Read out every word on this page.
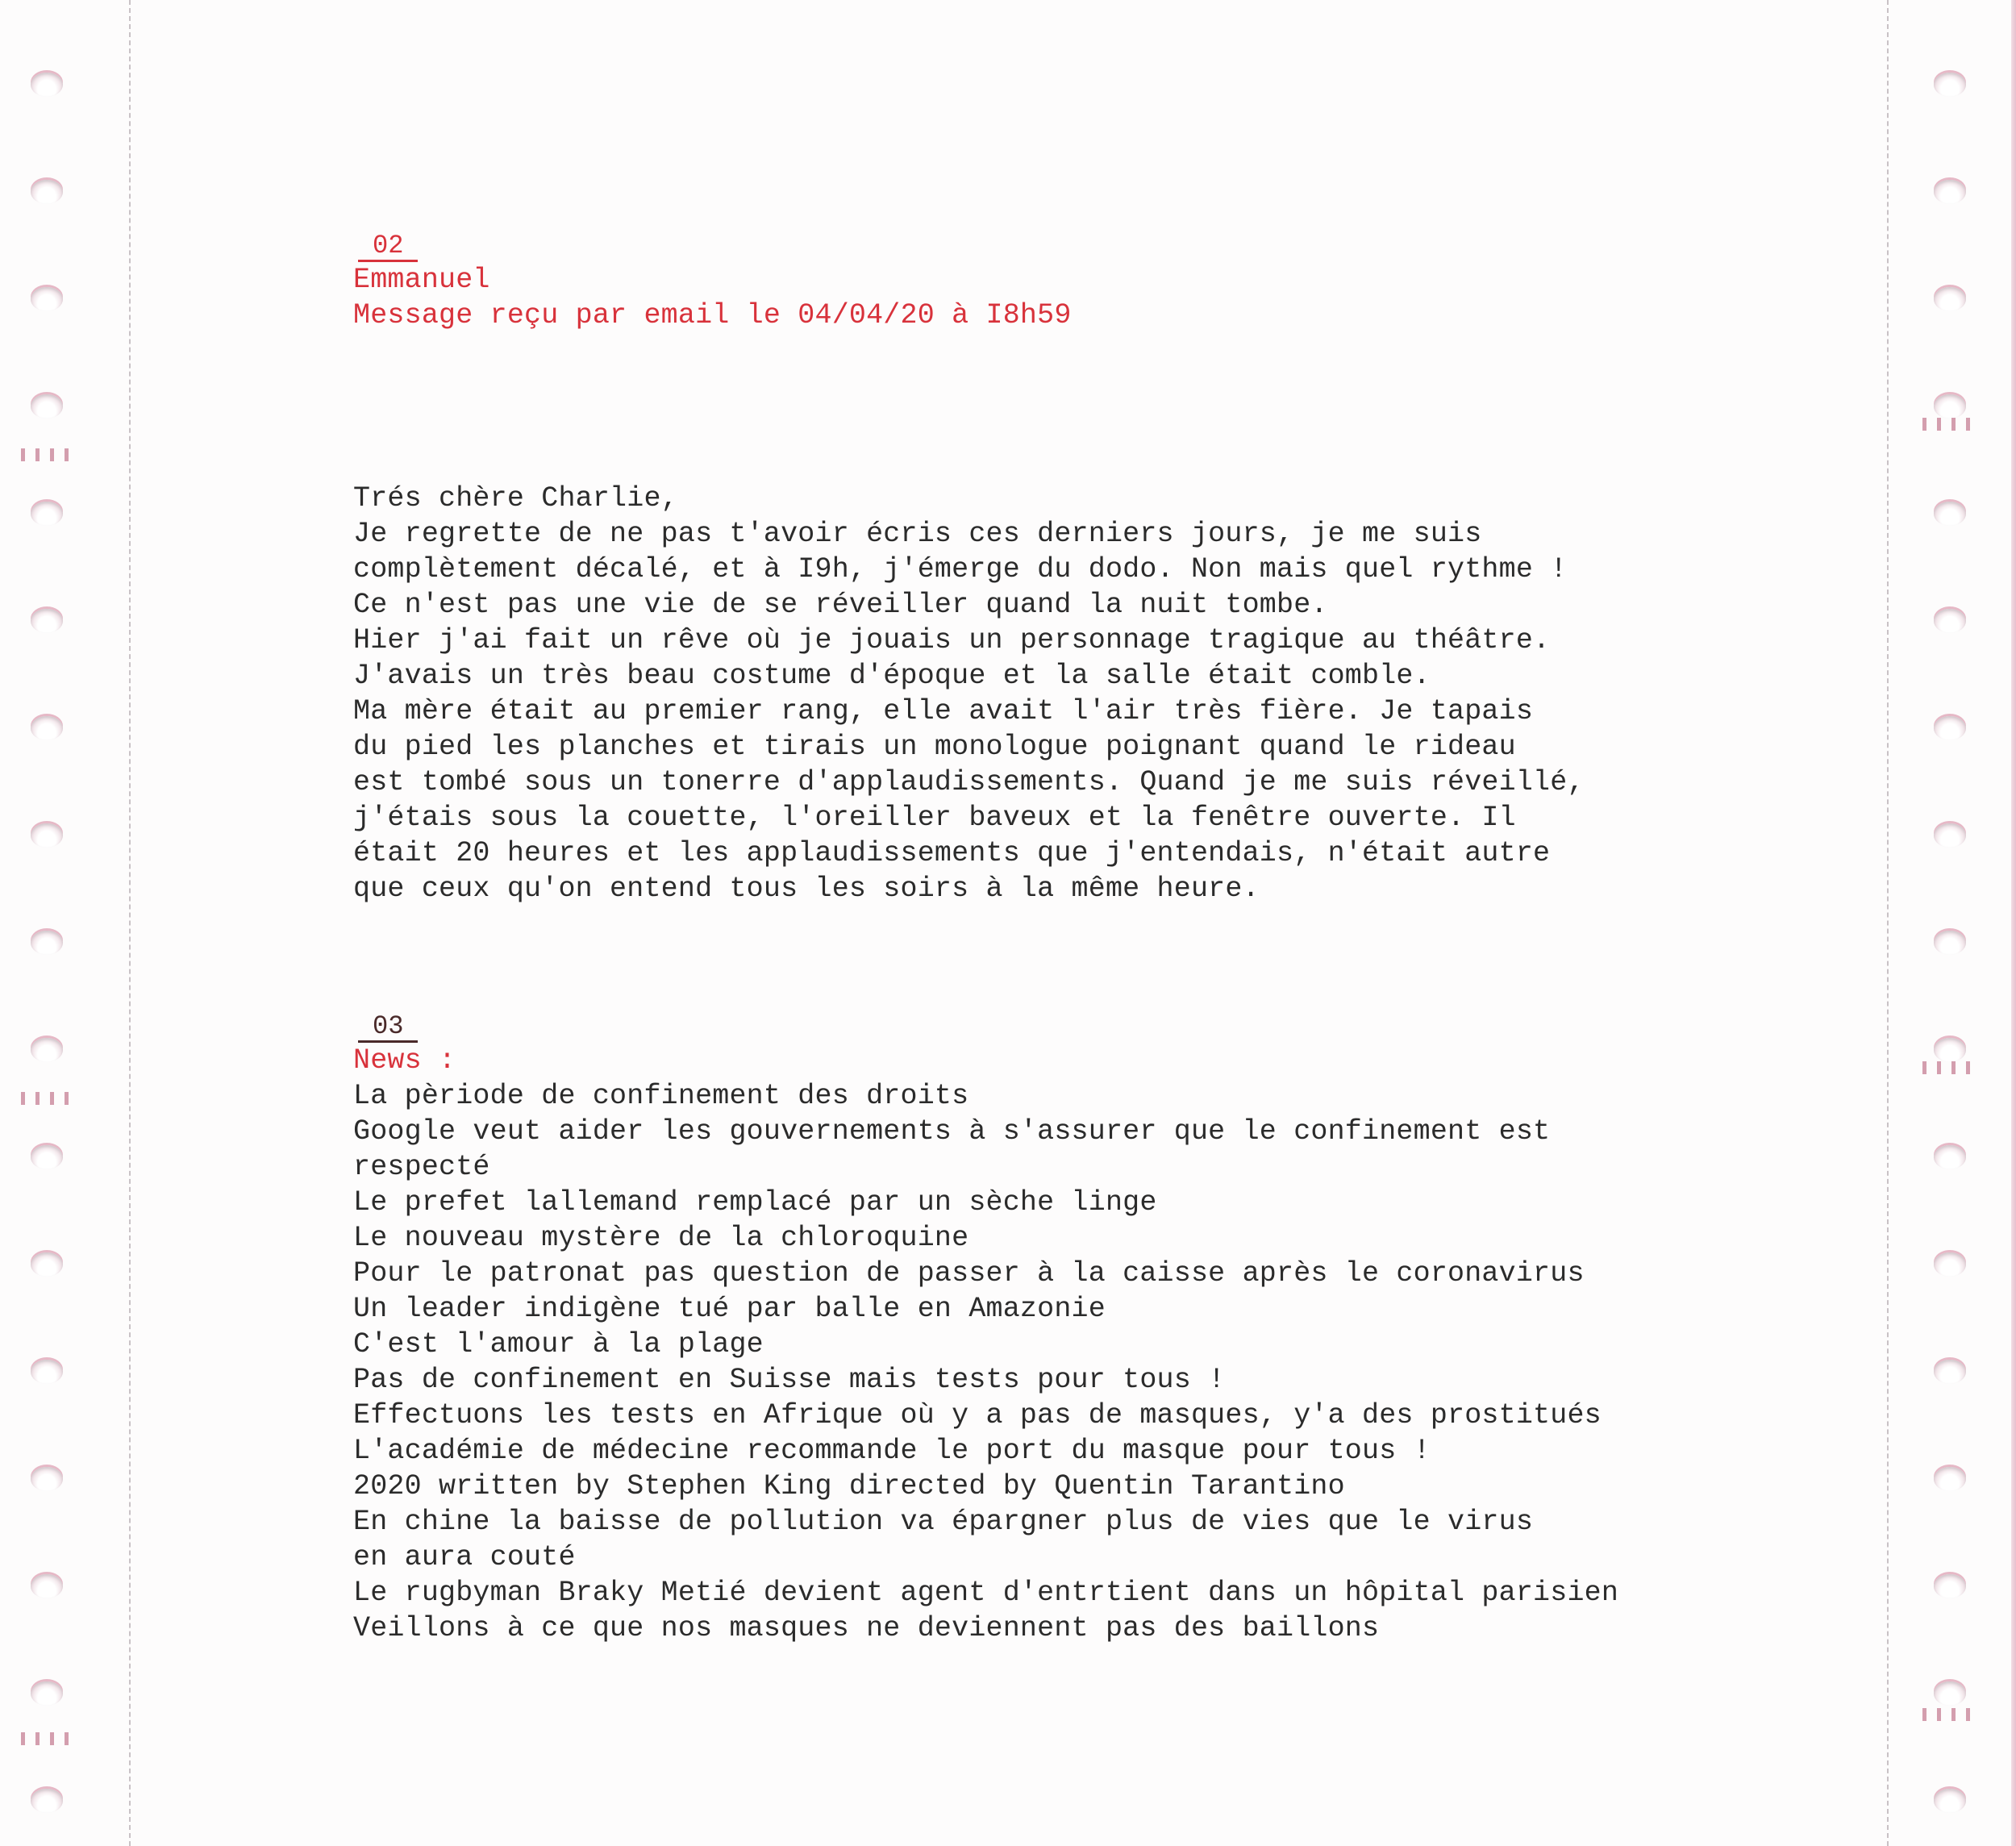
02
Emmanuel
Message reçu par email le 04/04/20 à I8h59
Trés chère Charlie,
Je regrette de ne pas t'avoir écris ces derniers jours, je me suis
complètement décalé, et à I9h, j'émerge du dodo. Non mais quel rythme !
Ce n'est pas une vie de se réveiller quand la nuit tombe.
Hier j'ai fait un rêve où je jouais un personnage tragique au théâtre.
J'avais un très beau costume d'époque et la salle était comble.
Ma mère était au premier rang, elle avait l'air très fière. Je tapais
du pied les planches et tirais un monologue poignant quand le rideau
est tombé sous un tonerre d'applaudissements. Quand je me suis réveillé,
j'étais sous la couette, l'oreiller baveux et la fenêtre ouverte. Il
était 20 heures et les applaudissements que j'entendais, n'était autre
que ceux qu'on entend tous les soirs à la même heure.
03
News :
La pèriode de confinement des droits
Google veut aider les gouvernements à s'assurer que le confinement est
respecté
Le prefet lallemand remplacé par un sèche linge
Le nouveau mystère de la chloroquine
Pour le patronat pas question de passer à la caisse après le coronavirus
Un leader indigène tué par balle en Amazonie
C'est l'amour à la plage
Pas de confinement en Suisse mais tests pour tous !
Effectuons les tests en Afrique où y a pas de masques, y'a des prostitués
L'académie de médecine recommande le port du masque pour tous !
2020 written by Stephen King directed by Quentin Tarantino
En chine la baisse de pollution va épargner plus de vies que le virus
en aura couté
Le rugbyman Braky Metié devient agent d'entrtient dans un hôpital parisien
Veillons à ce que nos masques ne deviennent pas des baillons
